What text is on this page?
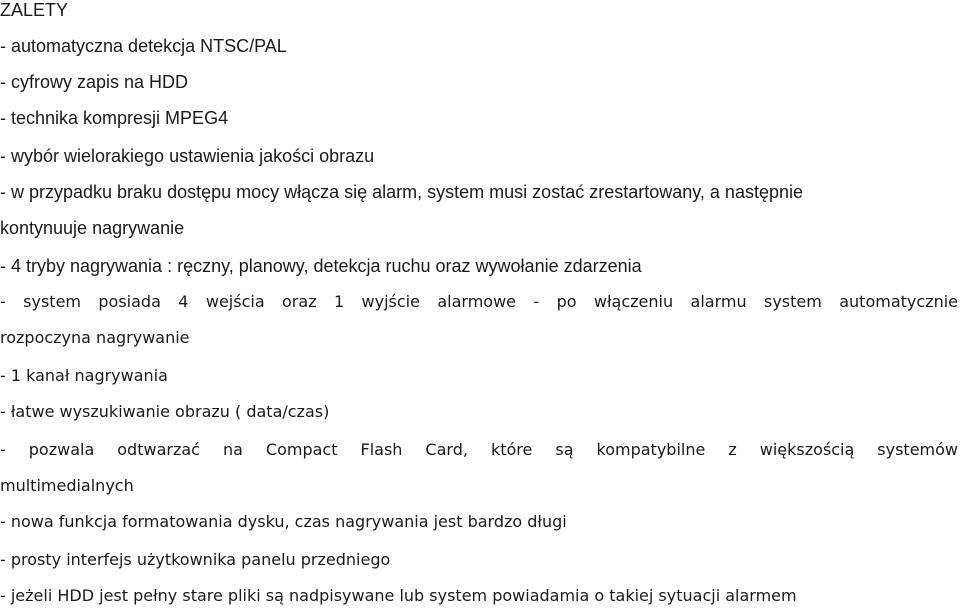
ZALETY

- automatyczna detekcja NTSC/PAL

- cyfrowy zapis na HDD

- technika kompresji MPEG4

- wybór wielorakiego ustawienia jakości obrazu

- w przypadku braku dostępu mocy włącza się alarm, system musi zostać zrestartowany, a następnie

kontynuuje nagrywanie

- 4 tryby nagrywania : ręczny, planowy, detekcja ruchu oraz wywołanie zdarzenia

- system posiada 4 wejścia oraz 1 wyjście alarmowe - po włączeniu alarmu system automatycznie

rozpoczyna nagrywanie

- 1 kanał nagrywania

- łatwe wyszukiwanie obrazu ( data/czas)

- pozwala odtwarzać na Compact Flash Card, które są kompatybilne z większością systemów

multimedialnych

- nowa funkcja formatowania dysku, czas nagrywania jest bardzo długi

- prosty interfejs użytkownika panelu przedniego

- jeżeli HDD jest pełny stare pliki są nadpisywane lub system powiadamia o takiej sytuacji alarmem
